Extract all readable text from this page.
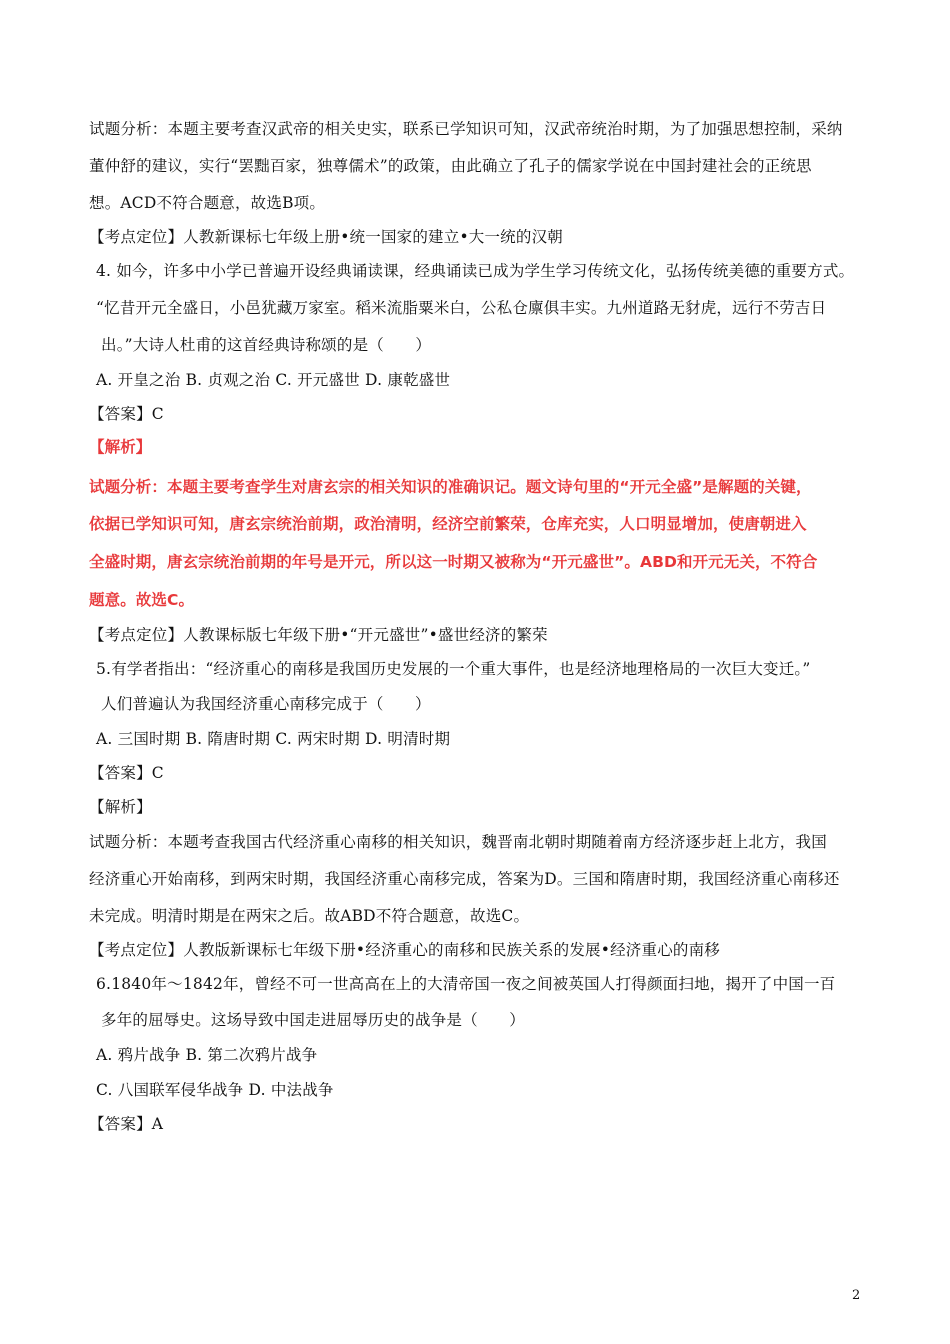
试题分析：本题主要考查汉武帝的相关史实，联系已学知识可知，汉武帝统治时期，为了加强思想控制，采纳
董仲舒的建议，实行“罢黜百家，独尊儒术”的政策，由此确立了孔子的儒家学说在中国封建社会的正统思
想。ACD不符合题意，故选B项。
【考点定位】人教新课标七年级上册•统一国家的建立•大一统的汉朝
4. 如今，许多中小学已普遍开设经典诵读课，经典诵读已成为学生学习传统文化，弘扬传统美德的重要方式。
“忆昔开元全盛日，小邑犹藏万家室。稻米流脂粟米白，公私仓廪俱丰实。九州道路无豺虎，远行不劳吉日
出。”大诗人杜甫的这首经典诗称颂的是（　　）
A. 开皇之治 B. 贞观之治 C. 开元盛世 D. 康乾盛世
【答案】C
【解析】
试题分析：本题主要考查学生对唐玄宗的相关知识的准确识记。题文诗句里的“开元全盛”是解题的关键，
依据已学知识可知，唐玄宗统治前期，政治清明，经济空前繁荣，仓库充实，人口明显增加，使唐朝进入
全盛时期，唐玄宗统治前期的年号是开元，所以这一时期又被称为“开元盛世”。ABD和开元无关，不符合
题意。故选C。
【考点定位】人教课标版七年级下册•“开元盛世”•盛世经济的繁荣
5.有学者指出：“经济重心的南移是我国历史发展的一个重大事件，也是经济地理格局的一次巨大变迁。”
人们普遍认为我国经济重心南移完成于（　　）
A. 三国时期 B. 隋唐时期 C. 两宋时期 D. 明清时期
【答案】C
【解析】
试题分析：本题考查我国古代经济重心南移的相关知识，魏晋南北朝时期随着南方经济逐步赶上北方，我国
经济重心开始南移，到两宋时期，我国经济重心南移完成，答案为D。三国和隋唐时期，我国经济重心南移还
未完成。明清时期是在两宋之后。故ABD不符合题意，故选C。
【考点定位】人教版新课标七年级下册•经济重心的南移和民族关系的发展•经济重心的南移
6.1840年～1842年，曾经不可一世高高在上的大清帝国一夜之间被英国人打得颜面扫地，揭开了中国一百
多年的屈辱史。这场导致中国走进屈辱历史的战争是（　　）
A. 鸦片战争 B. 第二次鸦片战争
C. 八国联军侵华战争 D. 中法战争
【答案】A
2
